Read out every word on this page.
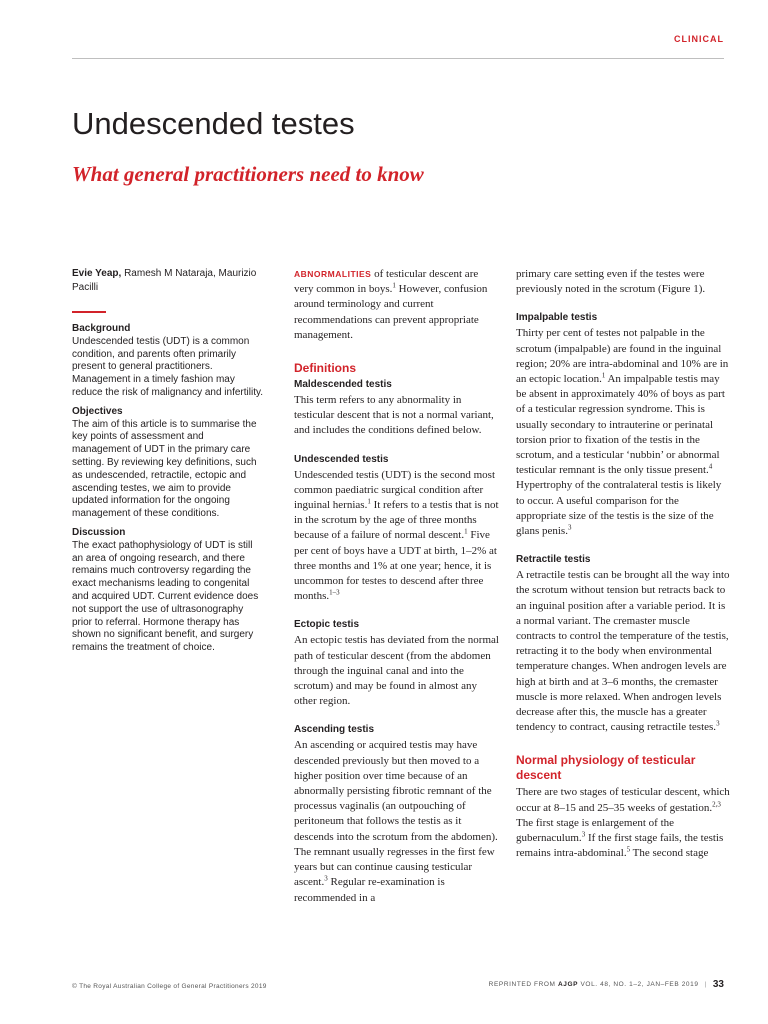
CLINICAL
Undescended testes
What general practitioners need to know
Evie Yeap, Ramesh M Nataraja, Maurizio Pacilli
Background
Undescended testis (UDT) is a common condition, and parents often primarily present to general practitioners. Management in a timely fashion may reduce the risk of malignancy and infertility.
Objectives
The aim of this article is to summarise the key points of assessment and management of UDT in the primary care setting. By reviewing key definitions, such as undescended, retractile, ectopic and ascending testes, we aim to provide updated information for the ongoing management of these conditions.
Discussion
The exact pathophysiology of UDT is still an area of ongoing research, and there remains much controversy regarding the exact mechanisms leading to congenital and acquired UDT. Current evidence does not support the use of ultrasonography prior to referral. Hormone therapy has shown no significant benefit, and surgery remains the treatment of choice.

ABNORMALITIES of testicular descent are very common in boys.$^1$ However, confusion around terminology and current recommendations can prevent appropriate management.

Definitions
Maldescended testis

This term refers to any abnormality in testicular descent that is not a normal variant, and includes the conditions defined below.

Undescended testis

Undescended testis (UDT) is the second most common paediatric surgical condition after inguinal hernias.$^1$ It refers to a testis that is not in the scrotum by the age of three months because of a failure of normal descent.$^1$ Five per cent of boys have a UDT at birth, 1–2% at three months and 1% at one year; hence, it is uncommon for testes to descend after three months.$^{1-3}$

Ectopic testis

An ectopic testis has deviated from the normal path of testicular descent (from the abdomen through the inguinal canal and into the scrotum) and may be found in almost any other region.

Ascending testis

An ascending or acquired testis may have descended previously but then moved to a higher position over time because of an abnormally persisting fibrotic remnant of the processus vaginalis (an outpouching of peritoneum that follows the testis as it descends into the scrotum from the abdomen). The remnant usually regresses in the first few years but can continue causing testicular ascent.$^3$ Regular re-examination is recommended in a

primary care setting even if the testes were previously noted in the scrotum (Figure 1).

Impalpable testis

Thirty per cent of testes not palpable in the scrotum (impalpable) are found in the inguinal region; 20% are intra-abdominal and 10% are in an ectopic location.$^1$ An impalpable testis may be absent in approximately 40% of boys as part of a testicular regression syndrome. This is usually secondary to intrauterine or perinatal torsion prior to fixation of the testis in the scrotum, and a testicular ‘nubbin’ or abnormal testicular remnant is the only tissue present.$^4$ Hypertrophy of the contralateral testis is likely to occur. A useful comparison for the appropriate size of the testis is the size of the glans penis.$^3$

Retractile testis

A retractile testis can be brought all the way into the scrotum without tension but retracts back to an inguinal position after a variable period. It is a normal variant. The cremaster muscle contracts to control the temperature of the testis, retracting it to the body when environmental temperature changes. When androgen levels are high at birth and at 3–6 months, the cremaster muscle is more relaxed. When androgen levels decrease after this, the muscle has a greater tendency to contract, causing retractile testes.$^3$

Normal physiology of testicular descent

There are two stages of testicular descent, which occur at 8–15 and 25–35 weeks of gestation.$^{2,3}$ The first stage is enlargement of the gubernaculum.$^3$ If the first stage fails, the testis remains intra-abdominal.$^5$ The second stage

© The Royal Australian College of General Practitioners 2019	REPRINTED FROM AJGP VOL. 48, NO. 1–2, JAN–FEB 2019 | 33
